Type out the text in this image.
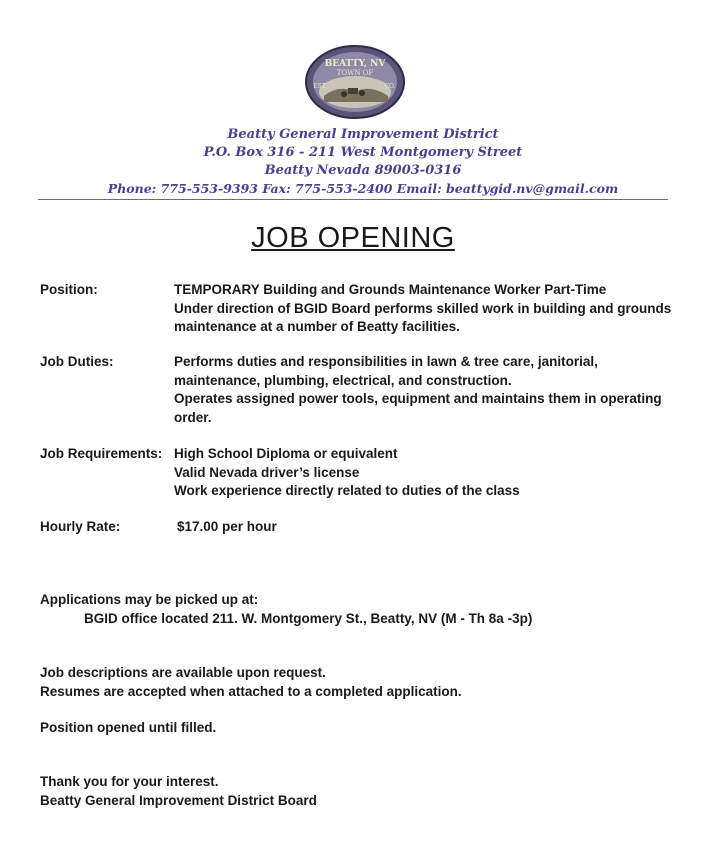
BEATTY, NV
TOWN OF
EST.	CO.
Beatty General Improvement District
P.O. Box 316 - 211 West Montgomery Street
Beatty Nevada 89003-0316
Phone: 775-553-9393 Fax: 775-553-2400 Email: beattygid.nv@gmail.com
JOB OPENING
Position:	TEMPORARY Building and Grounds Maintenance Worker Part-Time
Under direction of BGID Board performs skilled work in building and grounds maintenance at a number of Beatty facilities.
Job Duties:	Performs duties and responsibilities in lawn & tree care, janitorial, maintenance, plumbing, electrical, and construction.
Operates assigned power tools, equipment and maintains them in operating order.
Job Requirements: High School Diploma or equivalent
Valid Nevada driver’s license
Work experience directly related to duties of the class
Hourly Rate:	$17.00 per hour
Applications may be picked up at:
BGID office located 211. W. Montgomery St., Beatty, NV (M - Th 8a -3p)
Job descriptions are available upon request.
Resumes are accepted when attached to a completed application.
Position opened until filled.
Thank you for your interest.
Beatty General Improvement District Board
